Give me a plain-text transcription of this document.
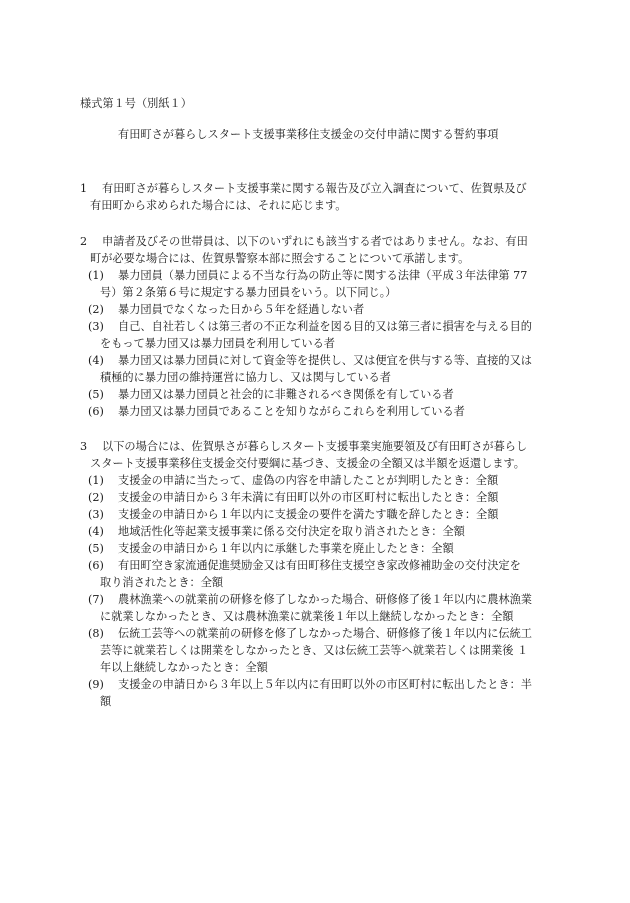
様式第１号（別紙１）
有田町さが暮らしスタート支援事業移住支援金の交付申請に関する誓約事項
1	有田町さが暮らしスタート支援事業に関する報告及び立入調査について、佐賀県及び
有田町から求められた場合には、それに応じます。
2	申請者及びその世帯員は、以下のいずれにも該当する者ではありません。なお、有田
町が必要な場合には、佐賀県警察本部に照会することについて承諾します。
(1)	暴力団員（暴力団員による不当な行為の防止等に関する法律（平成３年法律第 77
号）第２条第６号に規定する暴力団員をいう。以下同じ。）
(2)	暴力団員でなくなった日から５年を経過しない者
(3)	自己、自社若しくは第三者の不正な利益を図る目的又は第三者に損害を与える目的
をもって暴力団又は暴力団員を利用している者
(4)	暴力団又は暴力団員に対して資金等を提供し、又は便宜を供与する等、直接的又は
積極的に暴力団の維持運営に協力し、又は関与している者
(5)	暴力団又は暴力団員と社会的に非難されるべき関係を有している者
(6)	暴力団又は暴力団員であることを知りながらこれらを利用している者
3	以下の場合には、佐賀県さが暮らしスタート支援事業実施要領及び有田町さが暮らし
スタート支援事業移住支援金交付要綱に基づき、支援金の全額又は半額を返還します。
(1)	支援金の申請に当たって、虚偽の内容を申請したことが判明したとき：全額
(2)	支援金の申請日から３年未満に有田町以外の市区町村に転出したとき：全額
(3)	支援金の申請日から１年以内に支援金の要件を満たす職を辞したとき：全額
(4)	地域活性化等起業支援事業に係る交付決定を取り消されたとき：全額
(5)	支援金の申請日から１年以内に承継した事業を廃止したとき：全額
(6)	有田町空き家流通促進奨励金又は有田町移住支援空き家改修補助金の交付決定を
取り消されたとき：全額
(7)	農林漁業への就業前の研修を修了しなかった場合、研修修了後１年以内に農林漁業
に就業しなかったとき、又は農林漁業に就業後１年以上継続しなかったとき：全額
(8)	伝統工芸等への就業前の研修を修了しなかった場合、研修修了後１年以内に伝統工
芸等に就業若しくは開業をしなかったとき、又は伝統工芸等へ就業若しくは開業後 １
年以上継続しなかったとき：全額
(9)	支援金の申請日から３年以上５年以内に有田町以外の市区町村に転出したとき：半
額
